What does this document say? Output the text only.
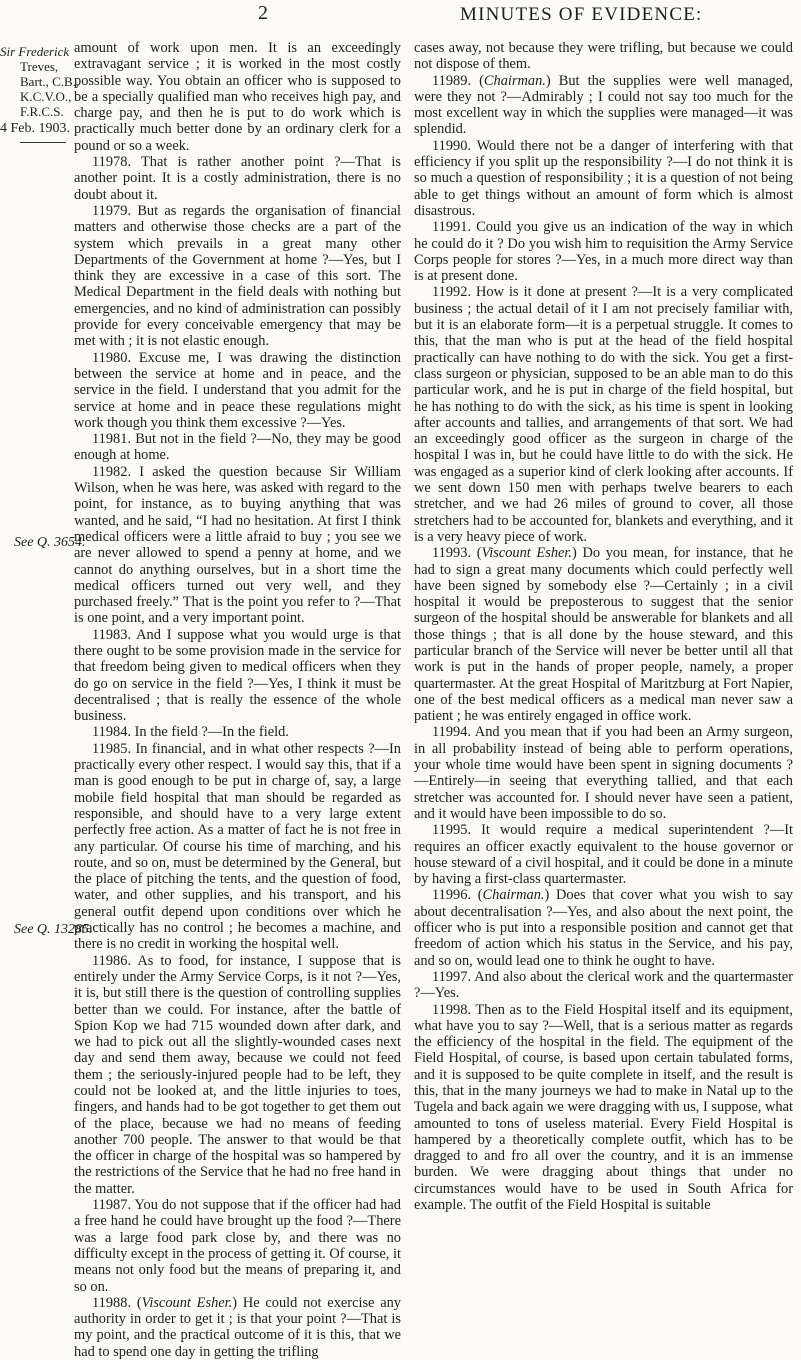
2	MINUTES OF EVIDENCE:
Sir Frederick
Treves,
Bart., C.B.,
K.C.V.O.,
F.R.C.S.
4 Feb. 1903.
See Q. 3654.
See Q. 13285.

amount of work upon men. It is an exceedingly extravagant service ; it is worked in the most costly possible way. You obtain an officer who is supposed to be a specially qualified man who receives high pay, and charge pay, and then he is put to do work which is practically much better done by an ordinary clerk for a pound or so a week.

11978. That is rather another point ?—That is another point. It is a costly administration, there is no doubt about it.

11979. But as regards the organisation of financial matters and otherwise those checks are a part of the system which prevails in a great many other Departments of the Government at home ?—Yes, but I think they are excessive in a case of this sort. The Medical Department in the field deals with nothing but emergencies, and no kind of administration can possibly provide for every conceivable emergency that may be met with ; it is not elastic enough.

11980. Excuse me, I was drawing the distinction between the service at home and in peace, and the service in the field. I understand that you admit for the service at home and in peace these regulations might work though you think them excessive ?—Yes.

11981. But not in the field ?—No, they may be good enough at home.

11982. I asked the question because Sir William Wilson, when he was here, was asked with regard to the point, for instance, as to buying anything that was wanted, and he said, “I had no hesitation. At first I think medical officers were a little afraid to buy ; you see we are never allowed to spend a penny at home, and we cannot do anything ourselves, but in a short time the medical officers turned out very well, and they purchased freely.” That is the point you refer to ?—That is one point, and a very important point.

11983. And I suppose what you would urge is that there ought to be some provision made in the service for that freedom being given to medical officers when they do go on service in the field ?—Yes, I think it must be decentralised ; that is really the essence of the whole business.

11984. In the field ?—In the field.

11985. In financial, and in what other respects ?—In practically every other respect. I would say this, that if a man is good enough to be put in charge of, say, a large mobile field hospital that man should be regarded as responsible, and should have to a very large extent perfectly free action. As a matter of fact he is not free in any particular. Of course his time of marching, and his route, and so on, must be determined by the General, but the place of pitching the tents, and the question of food, water, and other supplies, and his transport, and his general outfit depend upon conditions over which he practically has no control ; he becomes a machine, and there is no credit in working the hospital well.

11986. As to food, for instance, I suppose that is entirely under the Army Service Corps, is it not ?—Yes, it is, but still there is the question of controlling supplies better than we could. For instance, after the battle of Spion Kop we had 715 wounded down after dark, and we had to pick out all the slightly-wounded cases next day and send them away, because we could not feed them ; the seriously-injured people had to be left, they could not be looked at, and the little injuries to toes, fingers, and hands had to be got together to get them out of the place, because we had no means of feeding another 700 people. The answer to that would be that the officer in charge of the hospital was so hampered by the restrictions of the Service that he had no free hand in the matter.

11987. You do not suppose that if the officer had had a free hand he could have brought up the food ?—There was a large food park close by, and there was no difficulty except in the process of getting it. Of course, it means not only food but the means of preparing it, and so on.

11988. (Viscount Esher.) He could not exercise any authority in order to get it ; is that your point ?—That is my point, and the practical outcome of it is this, that we had to spend one day in getting the trifling

cases away, not because they were trifling, but because we could not dispose of them.

11989. (Chairman.) But the supplies were well managed, were they not ?—Admirably ; I could not say too much for the most excellent way in which the supplies were managed—it was splendid.

11990. Would there not be a danger of interfering with that efficiency if you split up the responsibility ?—I do not think it is so much a question of responsibility ; it is a question of not being able to get things without an amount of form which is almost disastrous.

11991. Could you give us an indication of the way in which he could do it ? Do you wish him to requisition the Army Service Corps people for stores ?—Yes, in a much more direct way than is at present done.

11992. How is it done at present ?—It is a very complicated business ; the actual detail of it I am not precisely familiar with, but it is an elaborate form—it is a perpetual struggle. It comes to this, that the man who is put at the head of the field hospital practically can have nothing to do with the sick. You get a first-class surgeon or physician, supposed to be an able man to do this particular work, and he is put in charge of the field hospital, but he has nothing to do with the sick, as his time is spent in looking after accounts and tallies, and arrangements of that sort. We had an exceedingly good officer as the surgeon in charge of the hospital I was in, but he could have little to do with the sick. He was engaged as a superior kind of clerk looking after accounts. If we sent down 150 men with perhaps twelve bearers to each stretcher, and we had 26 miles of ground to cover, all those stretchers had to be accounted for, blankets and everything, and it is a very heavy piece of work.

11993. (Viscount Esher.) Do you mean, for instance, that he had to sign a great many documents which could perfectly well have been signed by somebody else ?—Certainly ; in a civil hospital it would be preposterous to suggest that the senior surgeon of the hospital should be answerable for blankets and all those things ; that is all done by the house steward, and this particular branch of the Service will never be better until all that work is put in the hands of proper people, namely, a proper quartermaster. At the great Hospital of Maritzburg at Fort Napier, one of the best medical officers as a medical man never saw a patient ; he was entirely engaged in office work.

11994. And you mean that if you had been an Army surgeon, in all probability instead of being able to perform operations, your whole time would have been spent in signing documents ?—Entirely—in seeing that everything tallied, and that each stretcher was accounted for. I should never have seen a patient, and it would have been impossible to do so.

11995. It would require a medical superintendent ?—It requires an officer exactly equivalent to the house governor or house steward of a civil hospital, and it could be done in a minute by having a first-class quartermaster.

11996. (Chairman.) Does that cover what you wish to say about decentralisation ?—Yes, and also about the next point, the officer who is put into a responsible position and cannot get that freedom of action which his status in the Service, and his pay, and so on, would lead one to think he ought to have.

11997. And also about the clerical work and the quartermaster ?—Yes.

11998. Then as to the Field Hospital itself and its equipment, what have you to say ?—Well, that is a serious matter as regards the efficiency of the hospital in the field. The equipment of the Field Hospital, of course, is based upon certain tabulated forms, and it is supposed to be quite complete in itself, and the result is this, that in the many journeys we had to make in Natal up to the Tugela and back again we were dragging with us, I suppose, what amounted to tons of useless material. Every Field Hospital is hampered by a theoretically complete outfit, which has to be dragged to and fro all over the country, and it is an immense burden. We were dragging about things that under no circumstances would have to be used in South Africa for example. The outfit of the Field Hospital is suitable
